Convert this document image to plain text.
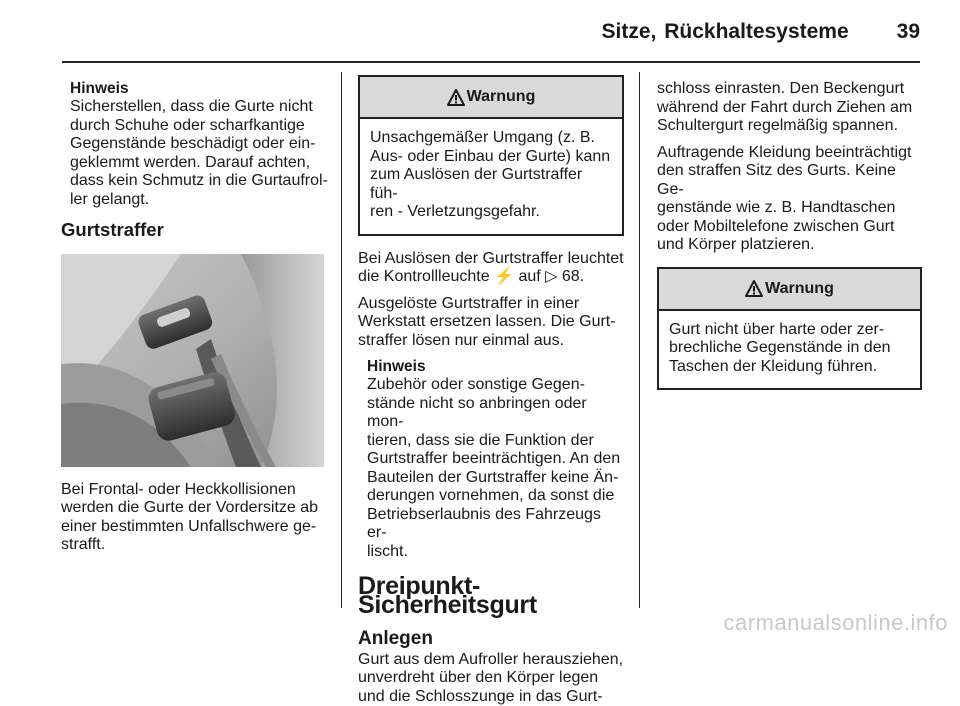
Sitze, Rückhaltesysteme 39

Hinweis

Sicherstellen, dass die Gurte nicht

durch Schuhe oder scharfkantige

Gegenstände beschädigt oder ein-

geklemmt werden. Darauf achten,

dass kein Schmutz in die Gurtaufrol-

ler gelangt.

Gurtstraffer

Bei Frontal- oder Heckkollisionen

werden die Gurte der Vordersitze ab

einer bestimmten Unfallschwere ge-

strafft.

Warnung

Unsachgemäßer Umgang (z. B.

Aus- oder Einbau der Gurte) kann

zum Auslösen der Gurtstraffer füh-

ren - Verletzungsgefahr.

Bei Auslösen der Gurtstraffer leuchtet

die Kontrollleuchte ⚡ auf ▷ 68.

Ausgelöste Gurtstraffer in einer

Werkstatt ersetzen lassen. Die Gurt-

straffer lösen nur einmal aus.

Hinweis

Zubehör oder sonstige Gegen-

stände nicht so anbringen oder mon-

tieren, dass sie die Funktion der

Gurtstraffer beeinträchtigen. An den

Bauteilen der Gurtstraffer keine Än-

derungen vornehmen, da sonst die

Betriebserlaubnis des Fahrzeugs er-

lischt.

Dreipunkt-Sicherheitsgurt

Anlegen

Gurt aus dem Aufroller herausziehen,

unverdreht über den Körper legen

und die Schlosszunge in das Gurt-

schloss einrasten. Den Beckengurt

während der Fahrt durch Ziehen am

Schultergurt regelmäßig spannen.

Auftragende Kleidung beeinträchtigt

den straffen Sitz des Gurts. Keine Ge-

genstände wie z. B. Handtaschen

oder Mobiltelefone zwischen Gurt

und Körper platzieren.

Warnung

Gurt nicht über harte oder zer-

brechliche Gegenstände in den

Taschen der Kleidung führen.

carmanualsonline.info
